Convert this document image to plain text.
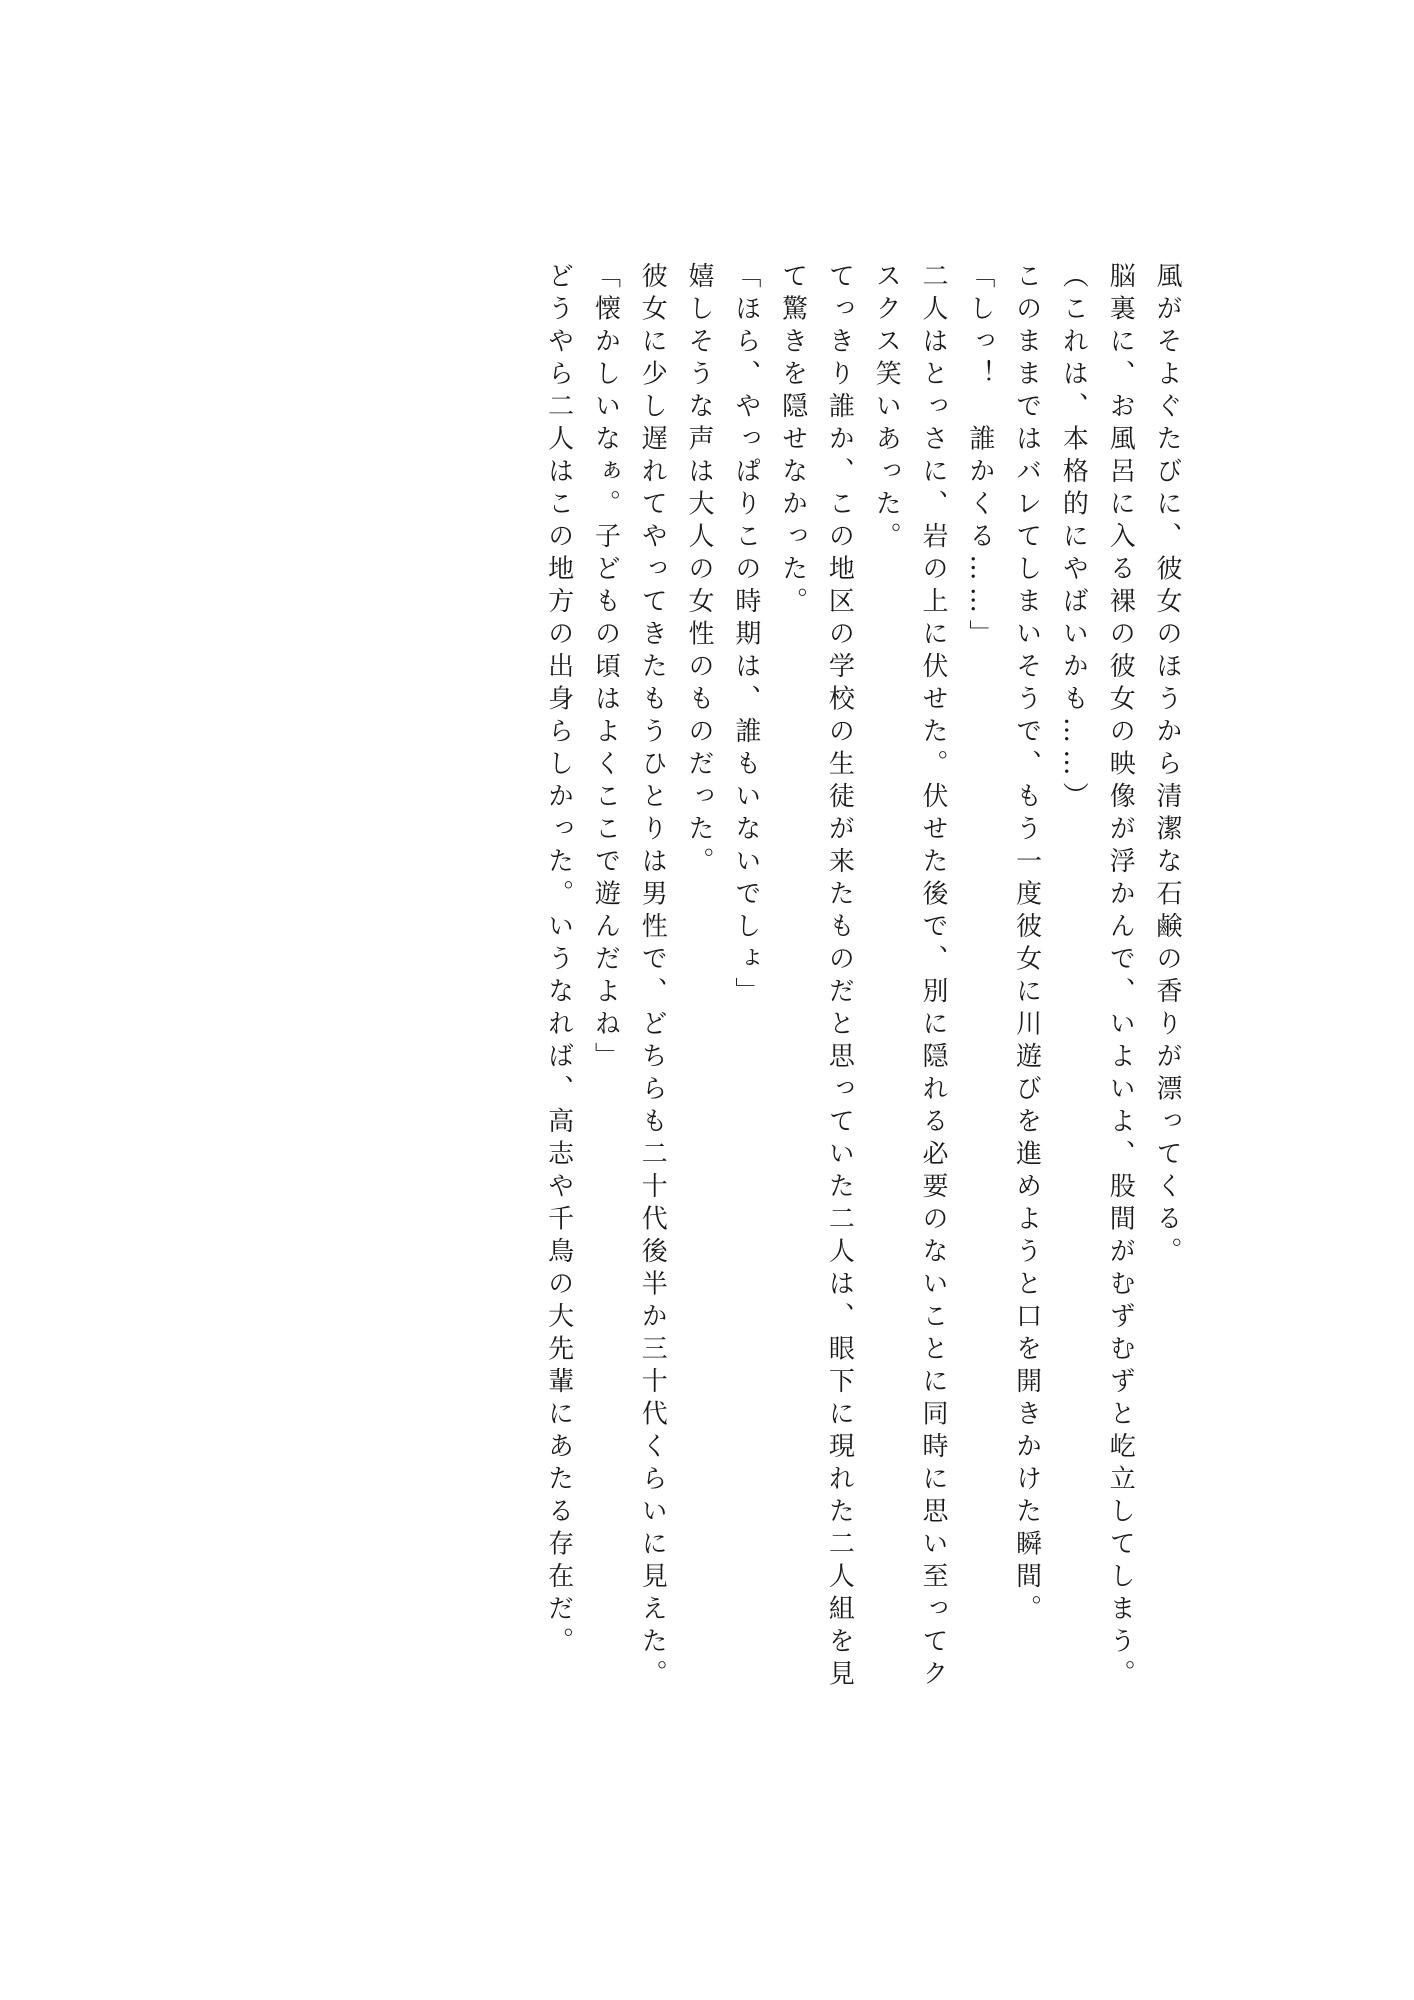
風がそよぐたびに、彼女のほうから清潔な石鹸の香りが漂ってくる。

脳裏に、お風呂に入る裸の彼女の映像が浮かんで、いよいよ、股間がむずむずと屹立してしまう。

（これは、本格的にやばいかも……）

このままではバレてしまいそうで、もう一度彼女に川遊びを進めようと口を開きかけた瞬間。

「しっ！　誰かくる……」

二人はとっさに、岩の上に伏せた。伏せた後で、別に隠れる必要のないことに同時に思い至ってクスクス笑いあった。

てっきり誰か、この地区の学校の生徒が来たものだと思っていた二人は、眼下に現れた二人組を見て驚きを隠せなかった。

「ほら、やっぱりこの時期は、誰もいないでしょ」

嬉しそうな声は大人の女性のものだった。

彼女に少し遅れてやってきたもうひとりは男性で、どちらも二十代後半か三十代くらいに見えた。

「懐かしいなぁ。子どもの頃はよくここで遊んだよね」

どうやら二人はこの地方の出身らしかった。いうなれば、高志や千鳥の大先輩にあたる存在だ。
